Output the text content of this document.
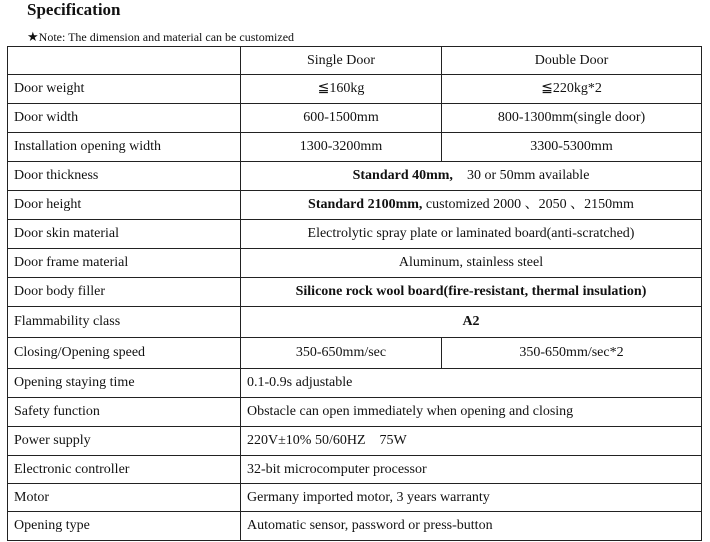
Specification
★Note: The dimension and material can be customized
	Single Door	Double Door
Door weight	≦160kg	≦220kg*2
Door width	600-1500mm	800-1300mm(single door)
Installation opening width	1300-3200mm	3300-5300mm
Door thickness	Standard 40mm, 30 or 50mm available	
Door height	Standard 2100mm, customized 2000 、2050 、2150mm	
Door skin material	Electrolytic spray plate or laminated board(anti-scratched)	
Door frame material	Aluminum, stainless steel	
Door body filler	Silicone rock wool board(fire-resistant, thermal insulation)	
Flammability class	A2	
Closing/Opening speed	350-650mm/sec	350-650mm/sec*2
Opening staying time	0.1-0.9s adjustable	
Safety function	Obstacle can open immediately when opening and closing	
Power supply	220V±10% 50/60HZ 75W	
Electronic controller	32-bit microcomputer processor	
Motor	Germany imported motor, 3 years warranty	
Opening type	Automatic sensor, password or press-button	
